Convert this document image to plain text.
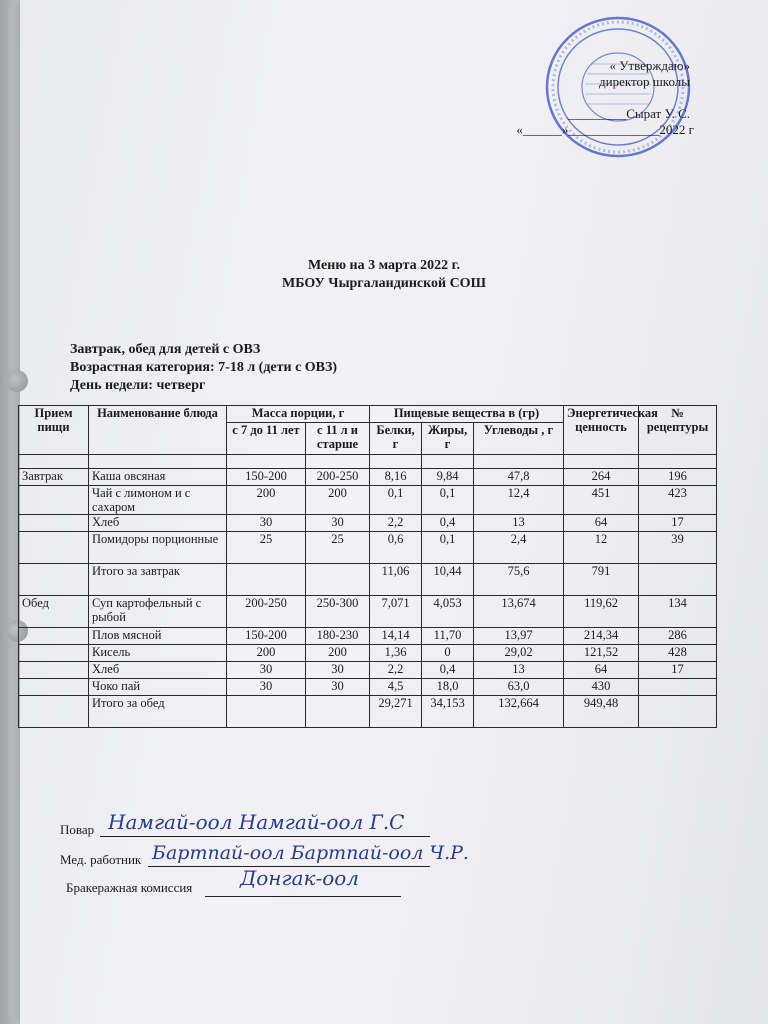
« Утверждаю»
директор школы
_________Сырат У. С.
«______»______________2022 г
Меню на 3 марта 2022 г.
МБОУ Чыргаландинской СОШ
Завтрак, обед для детей с ОВЗ
Возрастная категория: 7-18 л (дети с ОВЗ)
День недели: четверг
Прием пищи	Наименование блюда	Масса порции, г		Пищевые вещества в (гр)			Энергетическая ценность	№ рецептуры
		с 7 до 11 лет	с 11 л и старше	Белки, г	Жиры, г	Углеводы , г		

Завтрак	Каша овсяная	150-200	200-250	8,16	9,84	47,8	264	196
	Чай с лимоном и с сахаром	200	200	0,1	0,1	12,4	451	423
	Хлеб	30	30	2,2	0,4	13	64	17
	Помидоры порционные	25	25	0,6	0,1	2,4	12	39
	Итого за завтрак			11,06	10,44	75,6	791	
Обед	Суп картофельный с рыбой	200-250	250-300	7,071	4,053	13,674	119,62	134
	Плов мясной	150-200	180-230	14,14	11,70	13,97	214,34	286
	Кисель	200	200	1,36	0	29,02	121,52	428
	Хлеб	30	30	2,2	0,4	13	64	17
	Чоко пай	30	30	4,5	18,0	63,0	430	
	Итого за обед			29,271	34,153	132,664	949,48	
Повар Намгай-оол Намгай-оол Г.С
Мед. работник Бартпай-оол Бартпай-оол Ч.Р.
Бракеражная комиссия Донгак-оол
